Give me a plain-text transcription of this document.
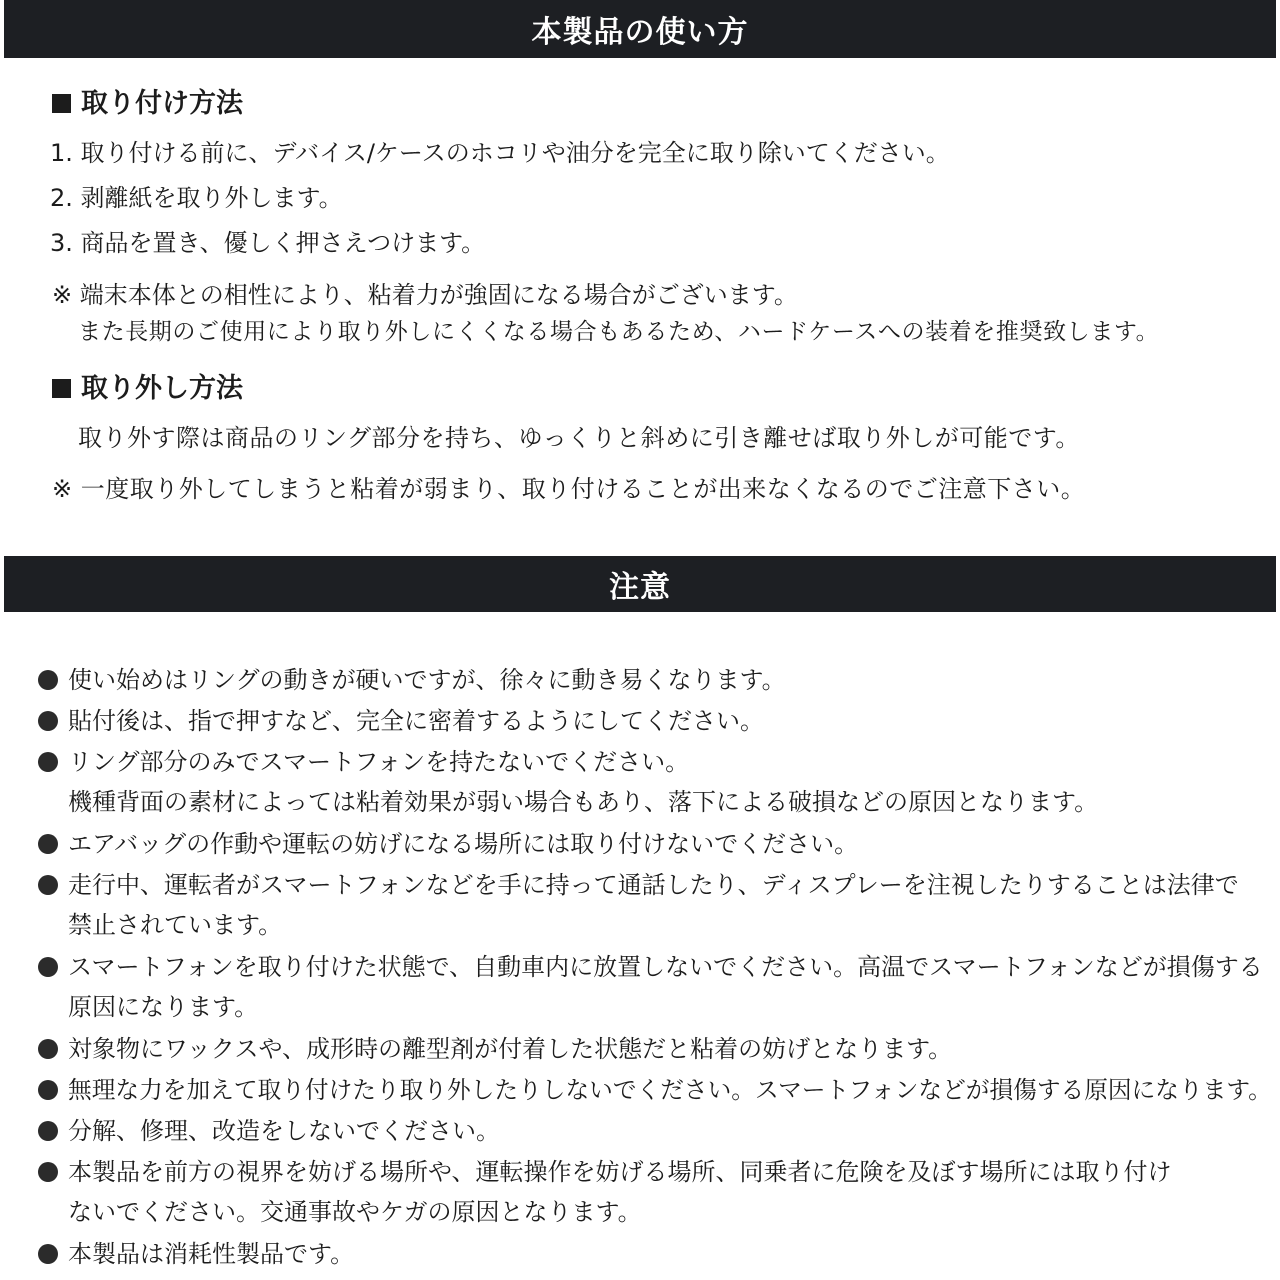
本製品の使い方
取り付け方法
1. 取り付ける前に、デバイス/ケースのホコリや油分を完全に取り除いてください。
2. 剥離紙を取り外します。
3. 商品を置き、優しく押さえつけます。
※ 端末本体との相性により、粘着力が強固になる場合がございます。
また長期のご使用により取り外しにくくなる場合もあるため、ハードケースへの装着を推奨致します。
取り外し方法
取り外す際は商品のリング部分を持ち、ゆっくりと斜めに引き離せば取り外しが可能です。
※ 一度取り外してしまうと粘着が弱まり、取り付けることが出来なくなるのでご注意下さい。
注意
使い始めはリングの動きが硬いですが、徐々に動き易くなります。
貼付後は、指で押すなど、完全に密着するようにしてください。
リング部分のみでスマートフォンを持たないでください。
機種背面の素材によっては粘着効果が弱い場合もあり、落下による破損などの原因となります。
エアバッグの作動や運転の妨げになる場所には取り付けないでください。
走行中、運転者がスマートフォンなどを手に持って通話したり、ディスプレーを注視したりすることは法律で
禁止されています。
スマートフォンを取り付けた状態で、自動車内に放置しないでください。高温でスマートフォンなどが損傷する
原因になります。
対象物にワックスや、成形時の離型剤が付着した状態だと粘着の妨げとなります。
無理な力を加えて取り付けたり取り外したりしないでください。スマートフォンなどが損傷する原因になります。
分解、修理、改造をしないでください。
本製品を前方の視界を妨げる場所や、運転操作を妨げる場所、同乗者に危険を及ぼす場所には取り付け
ないでください。交通事故やケガの原因となります。
本製品は消耗性製品です。
